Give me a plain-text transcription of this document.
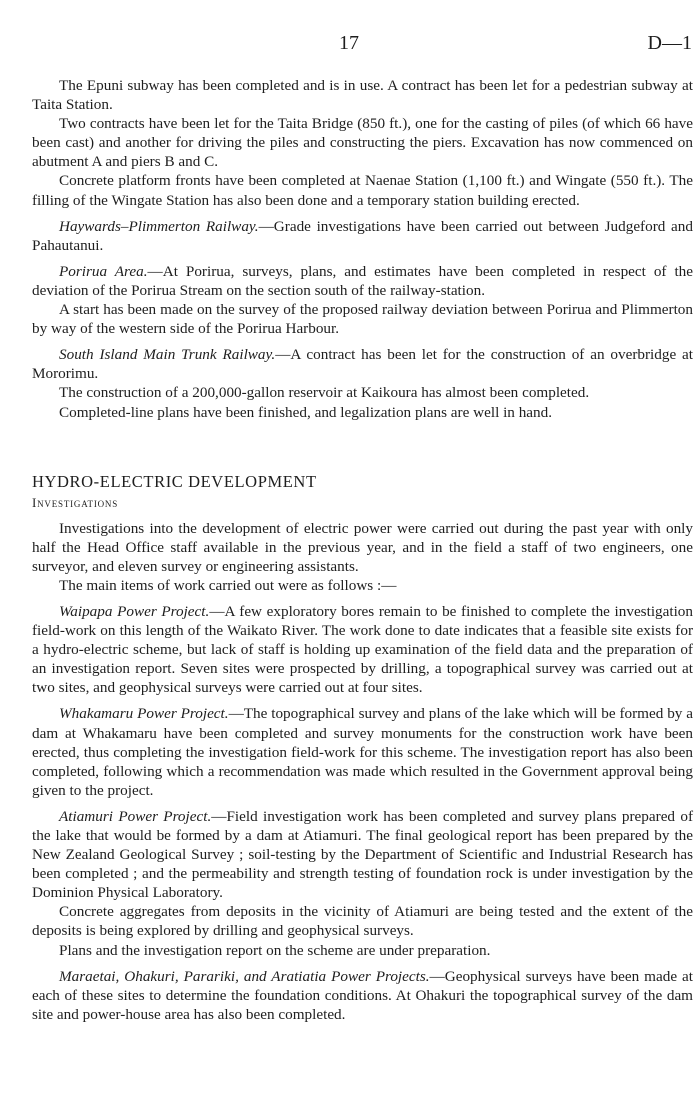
17	D—1

The Epuni subway has been completed and is in use. A contract has been let for a pedestrian subway at Taita Station.

Two contracts have been let for the Taita Bridge (850 ft.), one for the casting of piles (of which 66 have been cast) and another for driving the piles and constructing the piers. Excavation has now commenced on abutment A and piers B and C.

Concrete platform fronts have been completed at Naenae Station (1,100 ft.) and Wingate (550 ft.). The filling of the Wingate Station has also been done and a temporary station building erected.

Haywards–Plimmerton Railway.—Grade investigations have been carried out between Judgeford and Pahautanui.

Porirua Area.—At Porirua, surveys, plans, and estimates have been completed in respect of the deviation of the Porirua Stream on the section south of the railway-station.

A start has been made on the survey of the proposed railway deviation between Porirua and Plimmerton by way of the western side of the Porirua Harbour.

South Island Main Trunk Railway.—A contract has been let for the construction of an overbridge at Mororimu.

The construction of a 200,000-gallon reservoir at Kaikoura has almost been completed.

Completed-line plans have been finished, and legalization plans are well in hand.

HYDRO-ELECTRIC DEVELOPMENT
Investigations

Investigations into the development of electric power were carried out during the past year with only half the Head Office staff available in the previous year, and in the field a staff of two engineers, one surveyor, and eleven survey or engineering assistants.

The main items of work carried out were as follows :—

Waipapa Power Project.—A few exploratory bores remain to be finished to complete the investigation field-work on this length of the Waikato River. The work done to date indicates that a feasible site exists for a hydro-electric scheme, but lack of staff is holding up examination of the field data and the preparation of an investigation report. Seven sites were prospected by drilling, a topographical survey was carried out at two sites, and geophysical surveys were carried out at four sites.

Whakamaru Power Project.—The topographical survey and plans of the lake which will be formed by a dam at Whakamaru have been completed and survey monuments for the construction work have been erected, thus completing the investigation field-work for this scheme. The investigation report has also been completed, following which a recommendation was made which resulted in the Government approval being given to the project.

Atiamuri Power Project.—Field investigation work has been completed and survey plans prepared of the lake that would be formed by a dam at Atiamuri. The final geological report has been prepared by the New Zealand Geological Survey ; soil-testing by the Department of Scientific and Industrial Research has been completed ; and the permeability and strength testing of foundation rock is under investigation by the Dominion Physical Laboratory.

Concrete aggregates from deposits in the vicinity of Atiamuri are being tested and the extent of the deposits is being explored by drilling and geophysical surveys.

Plans and the investigation report on the scheme are under preparation.

Maraetai, Ohakuri, Parariki, and Aratiatia Power Projects.—Geophysical surveys have been made at each of these sites to determine the foundation conditions. At Ohakuri the topographical survey of the dam site and power-house area has also been completed.
